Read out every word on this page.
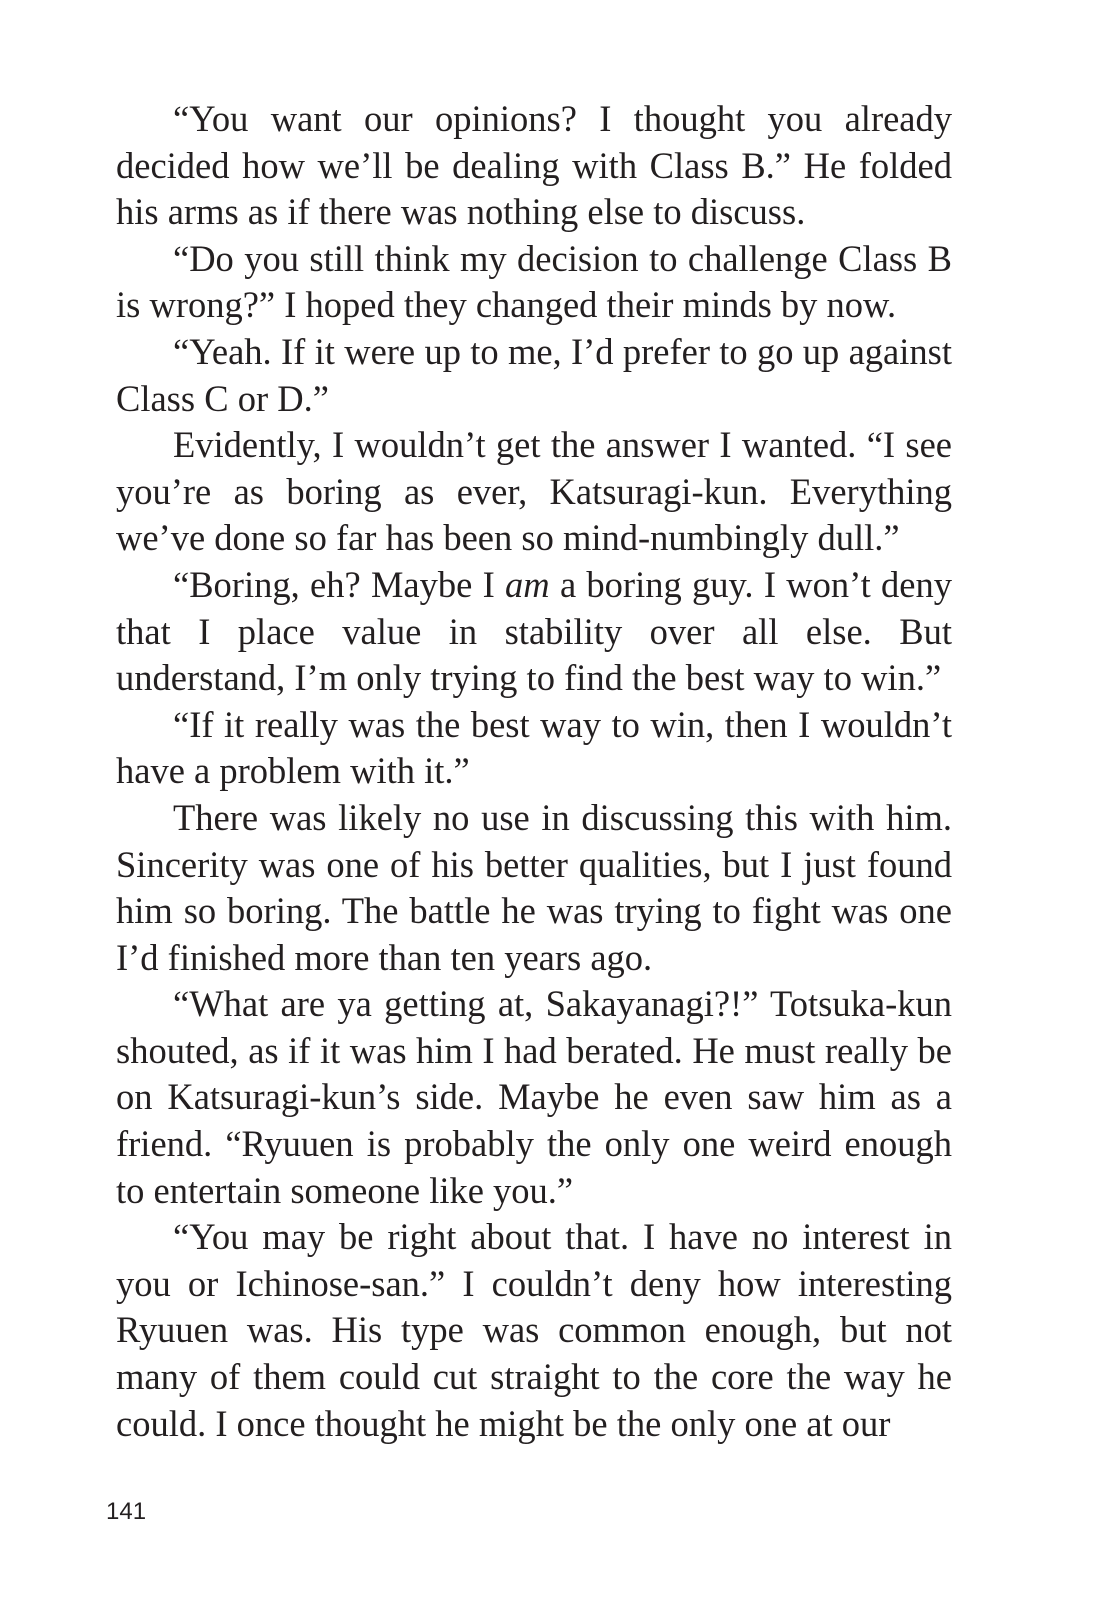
“You want our opinions? I thought you already decided how we’ll be dealing with Class B.” He folded his arms as if there was nothing else to discuss.

“Do you still think my decision to challenge Class B is wrong?” I hoped they changed their minds by now.

“Yeah. If it were up to me, I’d prefer to go up against Class C or D.”

Evidently, I wouldn’t get the answer I wanted. “I see you’re as boring as ever, Katsuragi-kun. Everything we’ve done so far has been so mind-numbingly dull.”

“Boring, eh? Maybe I am a boring guy. I won’t deny that I place value in stability over all else. But understand, I’m only trying to find the best way to win.”

“If it really was the best way to win, then I wouldn’t have a problem with it.”

There was likely no use in discussing this with him. Sincerity was one of his better qualities, but I just found him so boring. The battle he was trying to fight was one I’d finished more than ten years ago.

“What are ya getting at, Sakayanagi?!” Totsuka-kun shouted, as if it was him I had berated. He must really be on Katsuragi-kun’s side. Maybe he even saw him as a friend. “Ryuuen is probably the only one weird enough to entertain someone like you.”

“You may be right about that. I have no interest in you or Ichinose-san.” I couldn’t deny how interesting Ryuuen was. His type was common enough, but not many of them could cut straight to the core the way he could. I once thought he might be the only one at our

141
